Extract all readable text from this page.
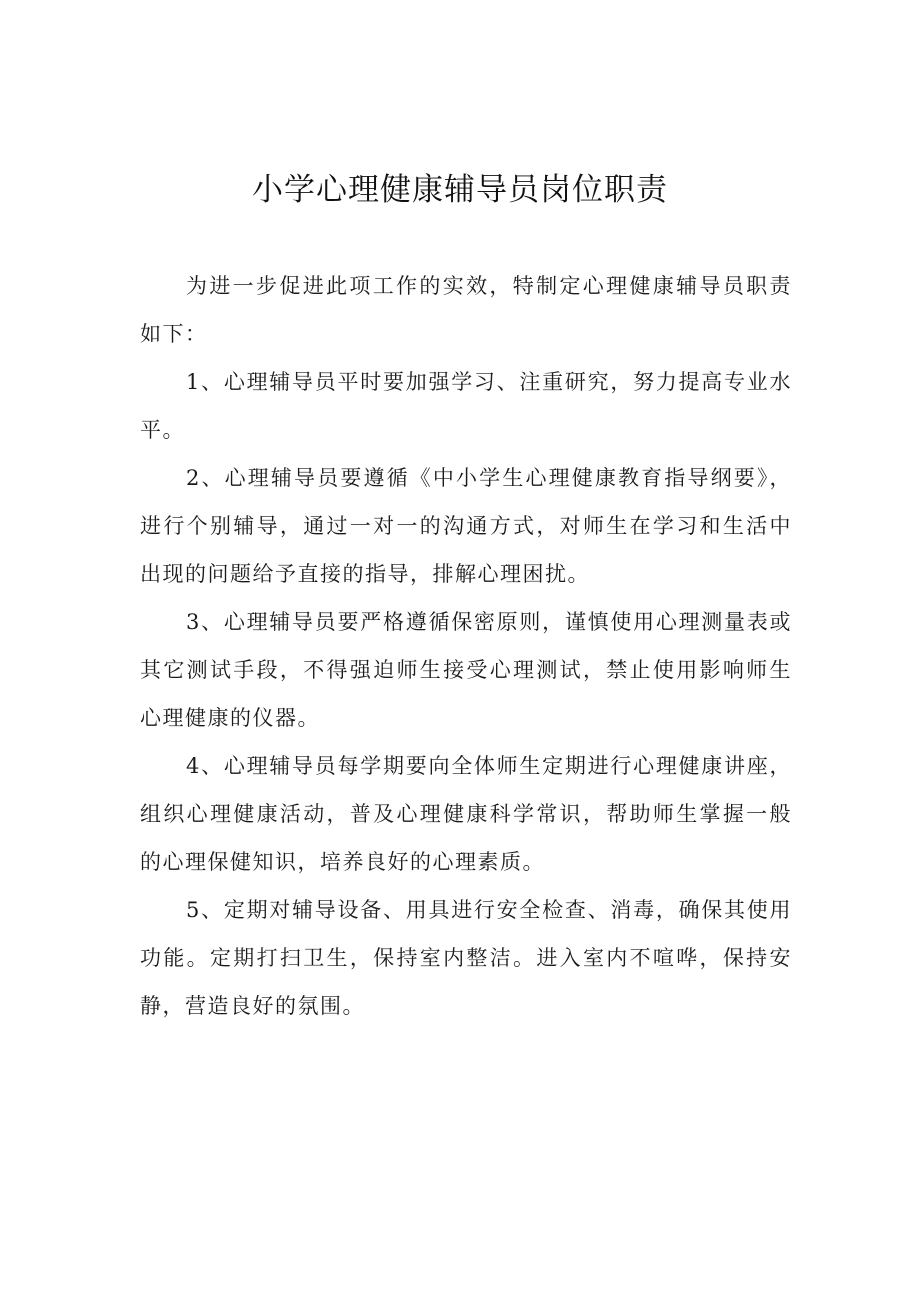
小学心理健康辅导员岗位职责

为进一步促进此项工作的实效，特制定心理健康辅导员职责如下：

1、心理辅导员平时要加强学习、注重研究，努力提高专业水平。

2、心理辅导员要遵循《中小学生心理健康教育指导纲要》，进行个别辅导，通过一对一的沟通方式，对师生在学习和生活中出现的问题给予直接的指导，排解心理困扰。

3、心理辅导员要严格遵循保密原则，谨慎使用心理测量表或其它测试手段，不得强迫师生接受心理测试，禁止使用影响师生心理健康的仪器。

4、心理辅导员每学期要向全体师生定期进行心理健康讲座，组织心理健康活动，普及心理健康科学常识，帮助师生掌握一般的心理保健知识，培养良好的心理素质。

5、定期对辅导设备、用具进行安全检查、消毒，确保其使用功能。定期打扫卫生，保持室内整洁。进入室内不喧哗，保持安静，营造良好的氛围。
